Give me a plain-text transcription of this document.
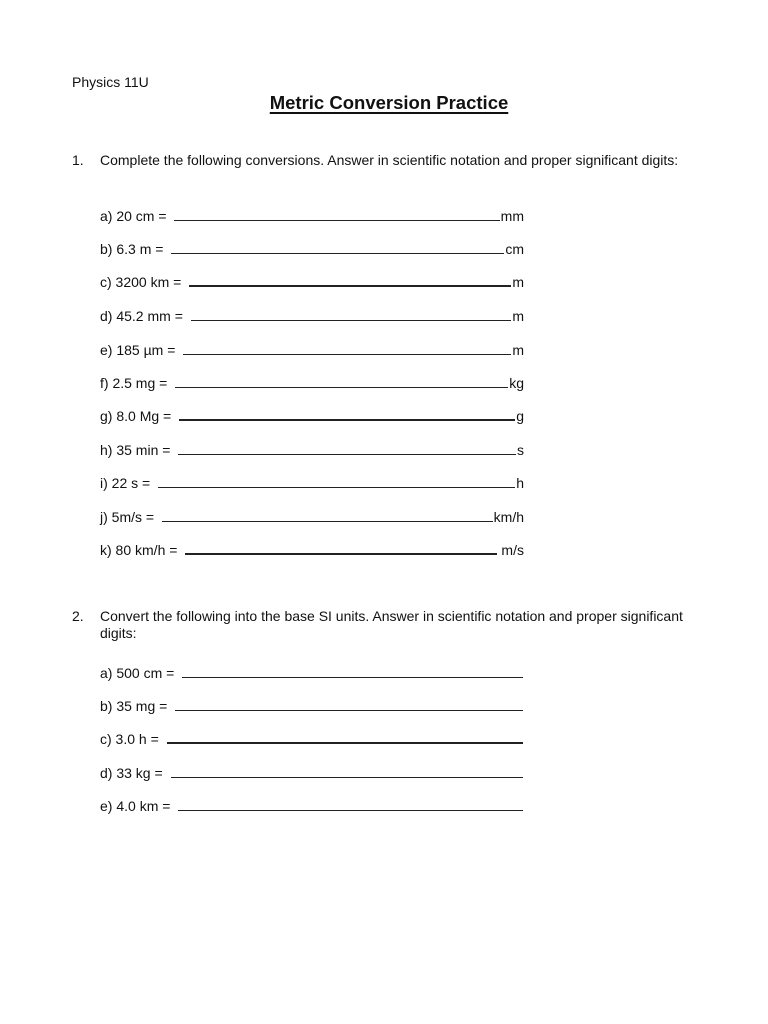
Physics 11U
Metric Conversion Practice
1. Complete the following conversions. Answer in scientific notation and proper significant digits:
a) 20 cm =	mm
b) 6.3 m =	cm
c) 3200 km =	m
d) 45.2 mm =	m
e) 185 µm =	m
f) 2.5 mg =	kg
g) 8.0 Mg =	g
h) 35 min =	s
i) 22 s =	h
j) 5m/s =	km/h
k) 80 km/h =	m/s
2. Convert the following into the base SI units. Answer in scientific notation and proper significant digits:
a) 500 cm =
b) 35 mg =
c) 3.0 h =
d) 33 kg =
e) 4.0 km =
